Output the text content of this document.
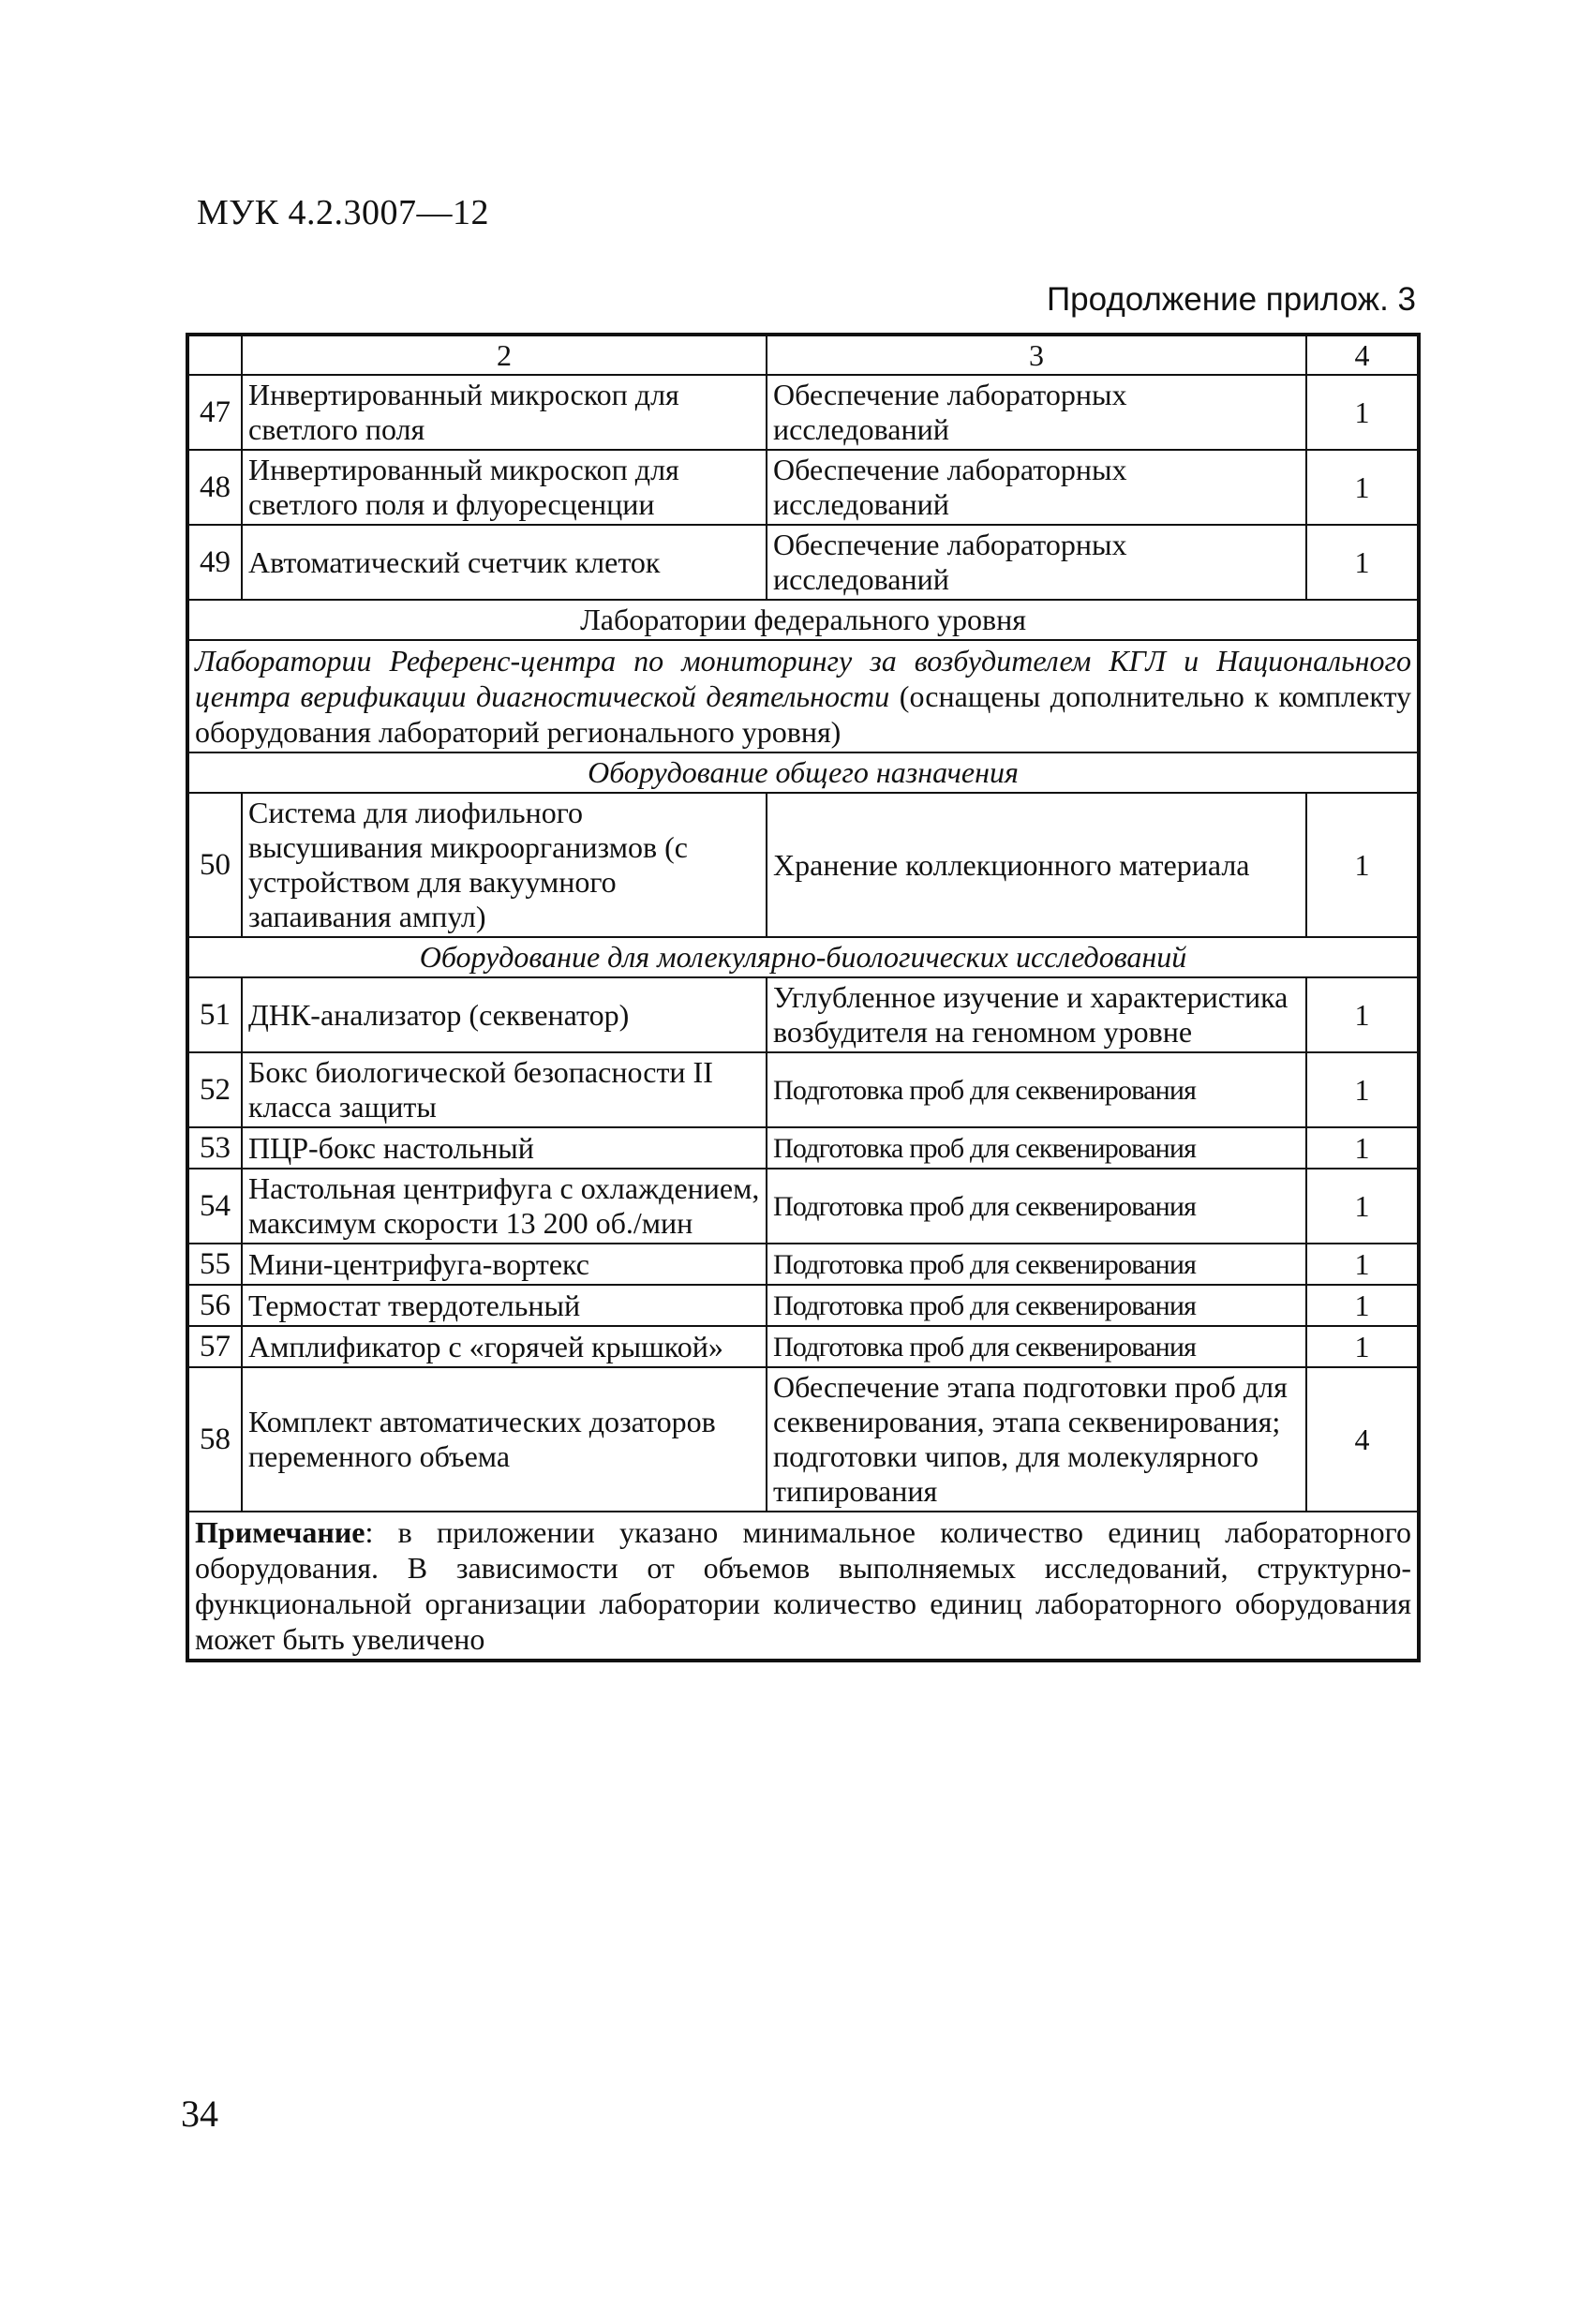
МУК 4.2.3007—12
Продолжение прилож. 3
	2	3	4
47	Инвертированный микроскоп для светлого поля	Обеспечение лабораторных исследований	1
48	Инвертированный микроскоп для светлого поля и флуоресценции	Обеспечение лабораторных исследований	1
49	Автоматический счетчик клеток	Обеспечение лабораторных исследований	1
Лаборатории федерального уровня			
Лаборатории Референс-центра по мониторингу за возбудителем КГЛ и Национального центра верификации диагностической деятельности (оснащены дополнительно к комплекту оборудования лабораторий регионального уровня)			
Оборудование общего назначения			
50	Система для лиофильного высушивания микроорганизмов (с устройством для вакуумного запаивания ампул)	Хранение коллекционного материала	1
Оборудование для молекулярно-биологических исследований			
51	ДНК-анализатор (секвенатор)	Углубленное изучение и характеристика возбудителя на геномном уровне	1
52	Бокс биологической безопасности II класса защиты	Подготовка проб для секвенирования	1
53	ПЦР-бокс настольный	Подготовка проб для секвенирования	1
54	Настольная центрифуга с охлаждением, максимум скорости 13 200 об./мин	Подготовка проб для секвенирования	1
55	Мини-центрифуга-вортекс	Подготовка проб для секвенирования	1
56	Термостат твердотельный	Подготовка проб для секвенирования	1
57	Амплификатор с «горячей крышкой»	Подготовка проб для секвенирования	1
58	Комплект автоматических дозаторов переменного объема	Обеспечение этапа подготовки проб для секвенирования, этапа секвенирования; подготовки чипов, для молекулярного типирования	4
Примечание: в приложении указано минимальное количество единиц лабораторного оборудования. В зависимости от объемов выполняемых исследований, структурно-функциональной организации лаборатории количество единиц лабораторного оборудования может быть увеличено			
34
